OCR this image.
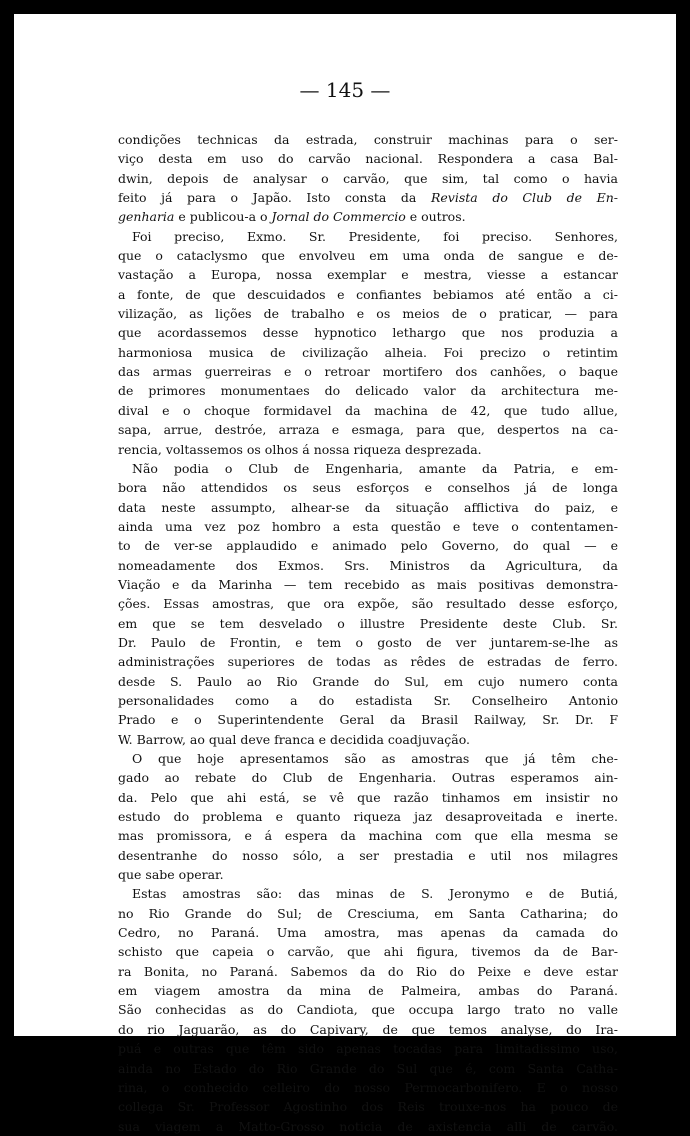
— 145 —
condições technicas da estrada, construir machinas para o ser-
viço desta em uso do carvão nacional. Respondera a casa Bal-
dwin, depois de analysar o carvão, que sim, tal como o havia
feito já para o Japão. Isto consta da Revista do Club de En-
genharia e publicou-a o Jornal do Commercio e outros.
Foi preciso, Exmo. Sr. Presidente, foi preciso. Senhores,
que o cataclysmo que envolveu em uma onda de sangue e de-
vastação a Europa, nossa exemplar e mestra, viesse a estancar
a fonte, de que descuidados e confiantes bebiamos até então a ci-
vilização, as lições de trabalho e os meios de o praticar, — para
que acordassemos desse hypnotico lethargo que nos produzia a
harmoniosa musica de civilização alheia. Foi precizo o retintim
das armas guerreiras e o retroar mortifero dos canhões, o baque
de primores monumentaes do delicado valor da architectura me-
dival e o choque formidavel da machina de 42, que tudo allue,
sapa, arrue, destróe, arraza e esmaga, para que, despertos na ca-
rencia, voltassemos os olhos á nossa riqueza desprezada.
Não podia o Club de Engenharia, amante da Patria, e em-
bora não attendidos os seus esforços e conselhos já de longa
data neste assumpto, alhear-se da situação afflictiva do paiz, e
ainda uma vez poz hombro a esta questão e teve o contentamen-
to de ver-se applaudido e animado pelo Governo, do qual — e
nomeadamente dos Exmos. Srs. Ministros da Agricultura, da
Viação e da Marinha — tem recebido as mais positivas demonstra-
ções. Essas amostras, que ora expõe, são resultado desse esforço,
em que se tem desvelado o illustre Presidente deste Club. Sr.
Dr. Paulo de Frontin, e tem o gosto de ver juntarem-se-lhe as
administrações superiores de todas as rêdes de estradas de ferro.
desde S. Paulo ao Rio Grande do Sul, em cujo numero conta
personalidades como a do estadista Sr. Conselheiro Antonio
Prado e o Superintendente Geral da Brasil Railway, Sr. Dr. F
W. Barrow, ao qual deve franca e decidida coadjuvação.
O que hoje apresentamos são as amostras que já têm che-
gado ao rebate do Club de Engenharia. Outras esperamos ain-
da. Pelo que ahi está, se vê que razão tinhamos em insistir no
estudo do problema e quanto riqueza jaz desaproveitada e inerte.
mas promissora, e á espera da machina com que ella mesma se
desentranhe do nosso sólo, a ser prestadia e util nos milagres
que sabe operar.
Estas amostras são: das minas de S. Jeronymo e de Butiá,
no Rio Grande do Sul; de Cresciuma, em Santa Catharina; do
Cedro, no Paraná. Uma amostra, mas apenas da camada do
schisto que capeia o carvão, que ahi figura, tivemos da de Bar-
ra Bonita, no Paraná. Sabemos da do Rio do Peixe e deve estar
em viagem amostra da mina de Palmeira, ambas do Paraná.
São conhecidas as do Candiota, que occupa largo trato no valle
do rio Jaguarão, as do Capivary, de que temos analyse, do Ira-
puá e outras que têm sido apenas tocadas para limitadissimo uso,
ainda no Estado do Rio Grande do Sul que é, com Santa Catha-
rina, o conhecido celleiro do nosso Permocarbonifero. E o nosso
collega Sr. Professor Agostinho dos Reis trouxe-nos ha pouco de
sua viagem a Matto-Grosso noticia de axistencia alli de carvão.
